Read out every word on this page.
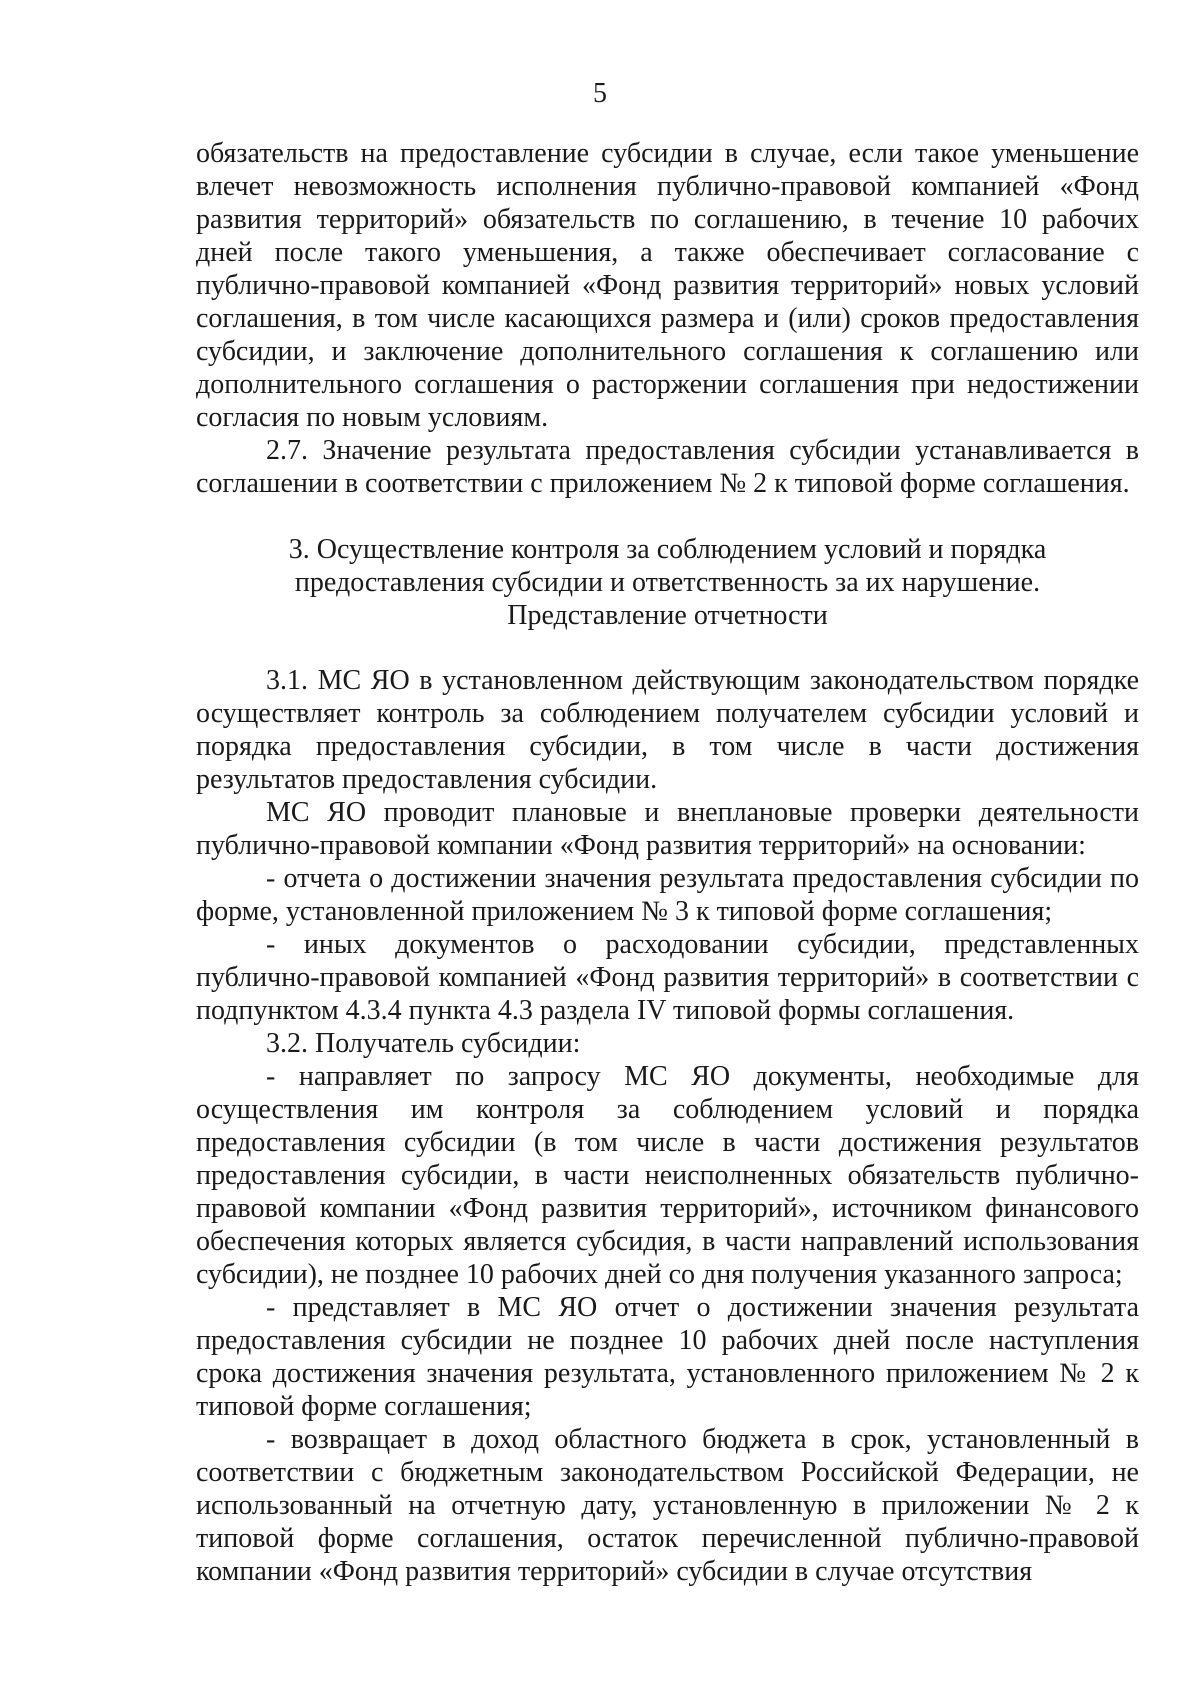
5

обязательств на предоставление субсидии в случае, если такое уменьшение влечет невозможность исполнения публично-правовой компанией «Фонд развития территорий» обязательств по соглашению, в течение 10 рабочих дней после такого уменьшения, а также обеспечивает согласование с публично-правовой компанией «Фонд развития территорий» новых условий соглашения, в том числе касающихся размера и (или) сроков предоставления субсидии, и заключение дополнительного соглашения к соглашению или дополнительного соглашения о расторжении соглашения при недостижении согласия по новым условиям.

2.7. Значение результата предоставления субсидии устанавливается в соглашении в соответствии с приложением № 2 к типовой форме соглашения.

3. Осуществление контроля за соблюдением условий и порядка
предоставления субсидии и ответственность за их нарушение.
Представление отчетности

3.1. МС ЯО в установленном действующим законодательством порядке осуществляет контроль за соблюдением получателем субсидии условий и порядка предоставления субсидии, в том числе в части достижения результатов предоставления субсидии.

МС ЯО проводит плановые и внеплановые проверки деятельности публично-правовой компании «Фонд развития территорий» на основании:

- отчета о достижении значения результата предоставления субсидии по форме, установленной приложением № 3 к типовой форме соглашения;

- иных документов о расходовании субсидии, представленных публично-правовой компанией «Фонд развития территорий» в соответствии с подпунктом 4.3.4 пункта 4.3 раздела IV типовой формы соглашения.

3.2. Получатель субсидии:

- направляет по запросу МС ЯО документы, необходимые для осуществления им контроля за соблюдением условий и порядка предоставления субсидии (в том числе в части достижения результатов предоставления субсидии, в части неисполненных обязательств публично-правовой компании «Фонд развития территорий», источником финансового обеспечения которых является субсидия, в части направлений использования субсидии), не позднее 10 рабочих дней со дня получения указанного запроса;

- представляет в МС ЯО отчет о достижении значения результата предоставления субсидии не позднее 10 рабочих дней после наступления срока достижения значения результата, установленного приложением № 2 к типовой форме соглашения;

- возвращает в доход областного бюджета в срок, установленный в соответствии с бюджетным законодательством Российской Федерации, не использованный на отчетную дату, установленную в приложении № 2 к типовой форме соглашения, остаток перечисленной публично-правовой компании «Фонд развития территорий» субсидии в случае отсутствия
